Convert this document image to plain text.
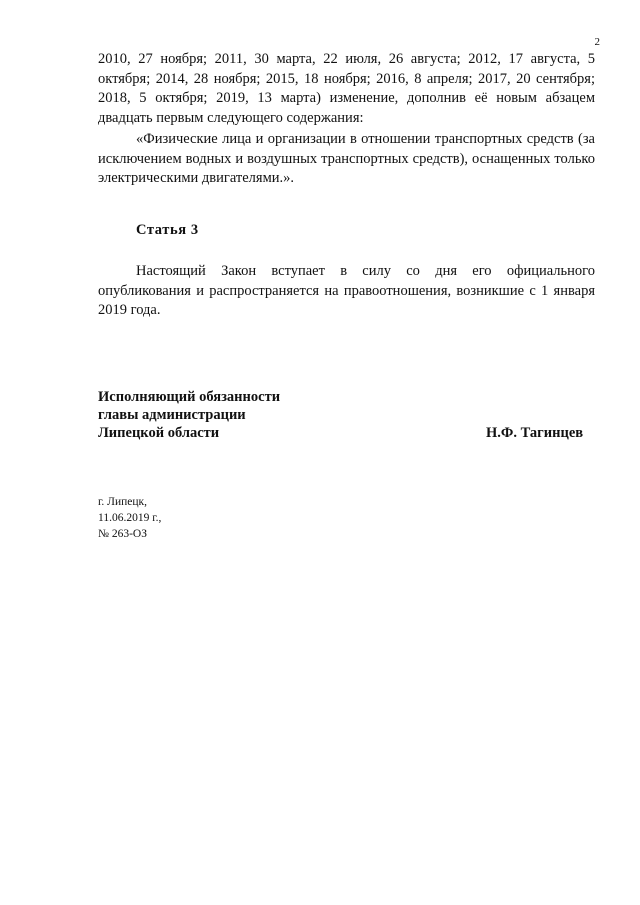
2

2010, 27 ноября; 2011, 30 марта, 22 июля, 26 августа; 2012, 17 августа, 5 октября; 2014, 28 ноября; 2015, 18 ноября; 2016, 8 апреля; 2017, 20 сентября; 2018, 5 октября; 2019, 13 марта) изменение, дополнив её новым абзацем двадцать первым следующего содержания:

«Физические лица и организации в отношении транспортных средств (за исключением водных и воздушных транспортных средств), оснащенных только электрическими двигателями.».

Статья 3

Настоящий Закон вступает в силу со дня его официального опубликования и распространяется на правоотношения, возникшие с 1 января 2019 года.

Исполняющий обязанности
главы администрации
Липецкой области	Н.Ф. Тагинцев
г. Липецк,
11.06.2019 г.,
№ 263-ОЗ
